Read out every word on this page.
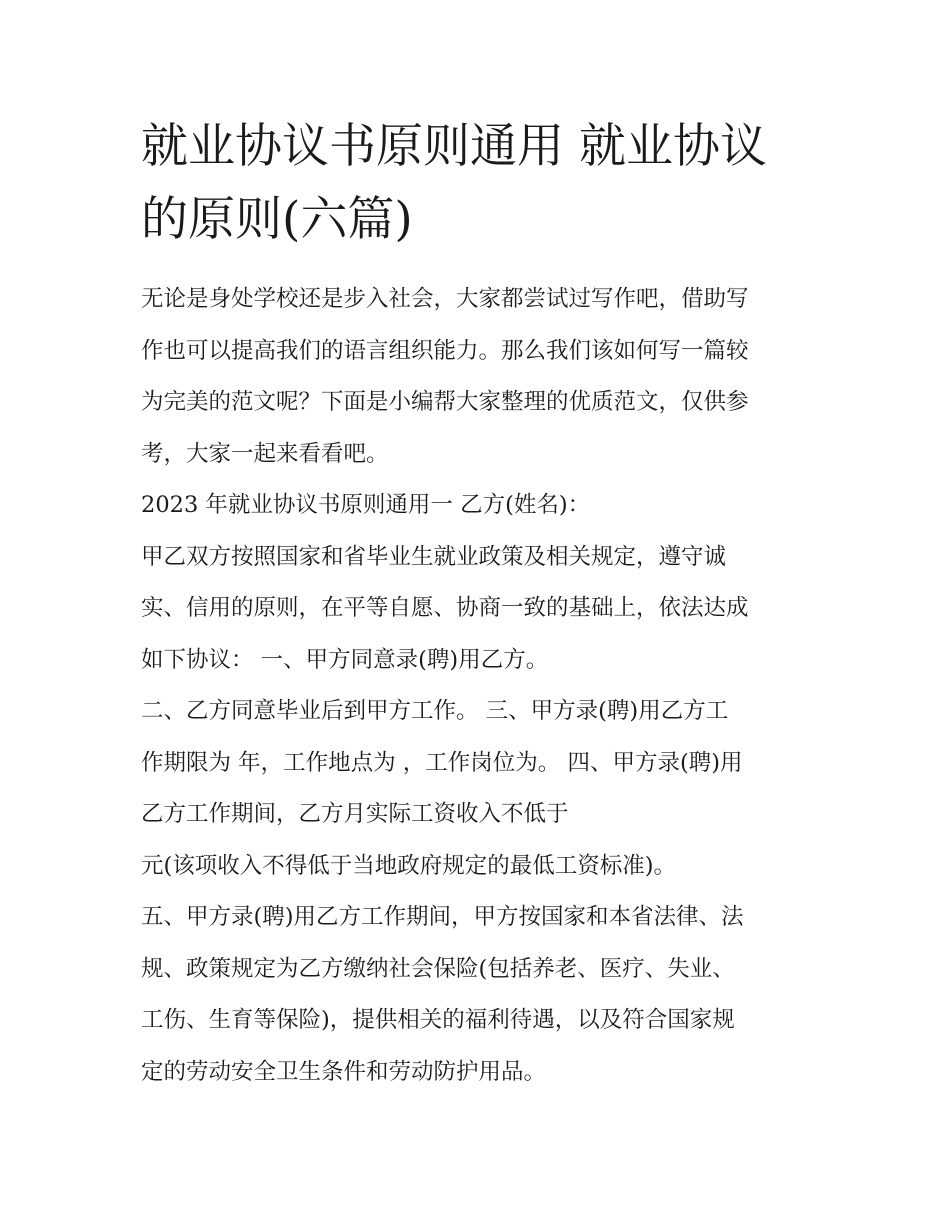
就业协议书原则通用 就业协议
的原则(六篇)

无论是身处学校还是步入社会，大家都尝试过写作吧，借助写
作也可以提高我们的语言组织能力。那么我们该如何写一篇较
为完美的范文呢？下面是小编帮大家整理的优质范文，仅供参
考，大家一起来看看吧。

2023 年就业协议书原则通用一 乙方(姓名)：

甲乙双方按照国家和省毕业生就业政策及相关规定，遵守诚
实、信用的原则，在平等自愿、协商一致的基础上，依法达成
如下协议： 一、甲方同意录(聘)用乙方。

二、乙方同意毕业后到甲方工作。 三、甲方录(聘)用乙方工
作期限为 年，工作地点为 ，工作岗位为。 四、甲方录(聘)用
乙方工作期间，乙方月实际工资收入不低于

元(该项收入不得低于当地政府规定的最低工资标准)。

五、甲方录(聘)用乙方工作期间，甲方按国家和本省法律、法
规、政策规定为乙方缴纳社会保险(包括养老、医疗、失业、
工伤、生育等保险)，提供相关的福利待遇，以及符合国家规
定的劳动安全卫生条件和劳动防护用品。
